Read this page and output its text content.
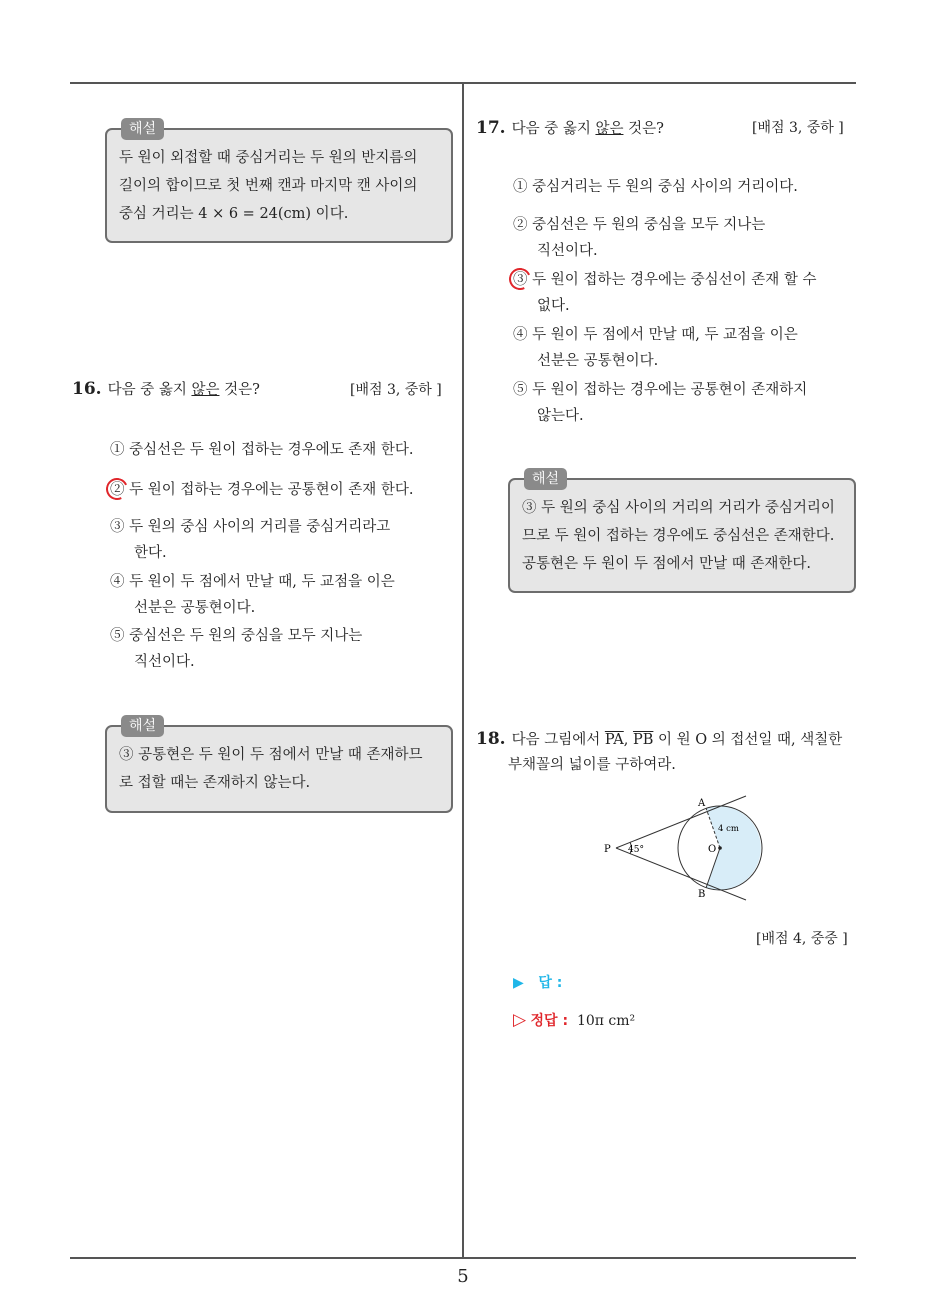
5
해설
두 원이 외접할 때 중심거리는 두 원의 반지름의
길이의 합이므로 첫 번째 캔과 마지막 캔 사이의
중심 거리는 4 × 6 = 24(cm) 이다.
16. 다음 중 옳지 않은 것은?	[배점 3, 중하 ]
① 중심선은 두 원이 접하는 경우에도 존재 한다.
② 두 원이 접하는 경우에는 공통현이 존재 한다.
③ 두 원의 중심 사이의 거리를 중심거리라고
한다.
④ 두 원이 두 점에서 만날 때, 두 교점을 이은
선분은 공통현이다.
⑤ 중심선은 두 원의 중심을 모두 지나는
직선이다.
해설
③ 공통현은 두 원이 두 점에서 만날 때 존재하므
로 접할 때는 존재하지 않는다.
17. 다음 중 옳지 않은 것은?	[배점 3, 중하 ]
① 중심거리는 두 원의 중심 사이의 거리이다.
② 중심선은 두 원의 중심을 모두 지나는
직선이다.
③ 두 원이 접하는 경우에는 중심선이 존재 할 수
없다.
④ 두 원이 두 점에서 만날 때, 두 교점을 이은
선분은 공통현이다.
⑤ 두 원이 접하는 경우에는 공통현이 존재하지
않는다.
해설
③ 두 원의 중심 사이의 거리의 거리가 중심거리이
므로 두 원이 접하는 경우에도 중심선은 존재한다.
공통현은 두 원이 두 점에서 만날 때 존재한다.
18. 다음 그림에서 $\overline{PA}$, $\overline{PB}$ 이 원 O 의 접선일 때, 색칠한
부채꼴의 넓이를 구하여라.
A
B
P	O
45°
4 cm
[배점 4, 중중 ]
▶ 답 :
▷ 정답 : 10π cm²
